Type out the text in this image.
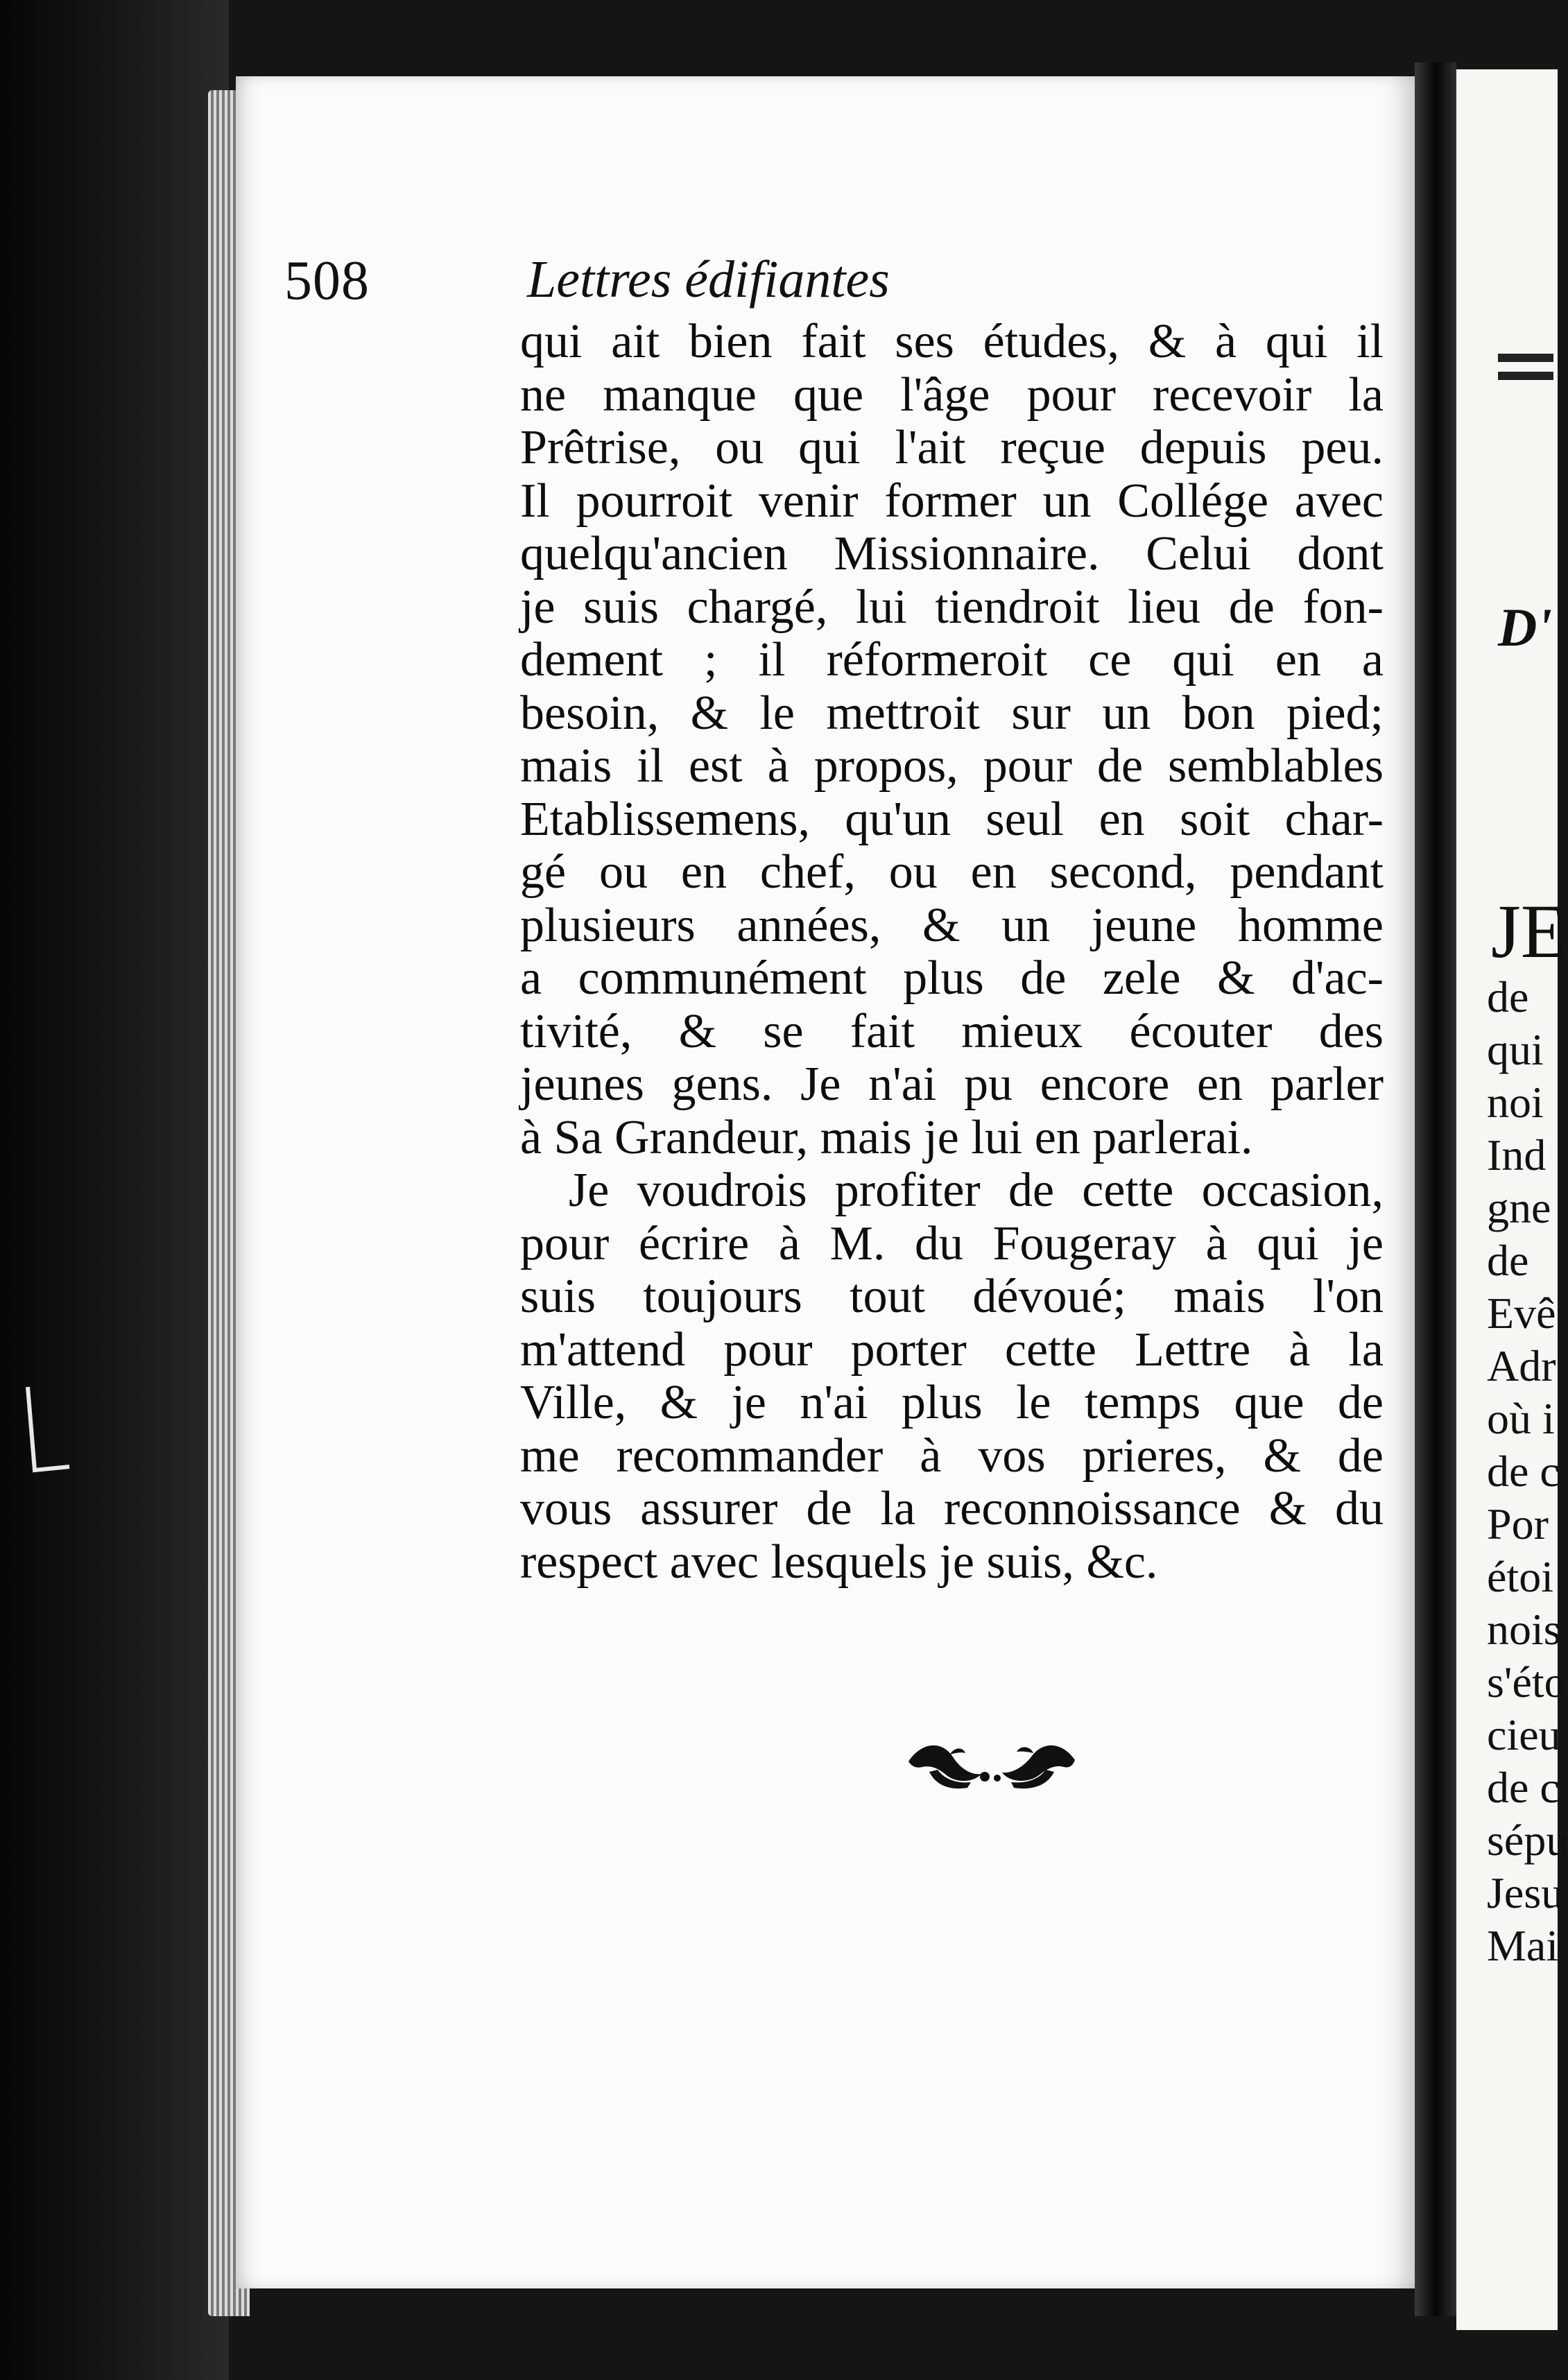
508	Lettres édifiantes
qui ait bien fait ses études, & à qui il
ne manque que l'âge pour recevoir la
Prêtrise, ou qui l'ait reçue depuis peu.
Il pourroit venir former un Collége avec
quelqu'ancien Missionnaire. Celui dont
je suis chargé, lui tiendroit lieu de fon-
dement ; il réformeroit ce qui en a
besoin, & le mettroit sur un bon pied;
mais il est à propos, pour de semblables
Etablissemens, qu'un seul en soit char-
gé ou en chef, ou en second, pendant
plusieurs années, & un jeune homme
a communément plus de zele & d'ac-
tivité, & se fait mieux écouter des
jeunes gens. Je n'ai pu encore en parler
à Sa Grandeur, mais je lui en parlerai.
Je voudrois profiter de cette occasion,
pour écrire à M. du Fougeray à qui je
suis toujours tout dévoué; mais l'on
m'attend pour porter cette Lettre à la
Ville, & je n'ai plus le temps que de
me recommander à vos prieres, & de
vous assurer de la reconnoissance & du
respect avec lesquels je suis, &c.
D'
JE
de
qui
noi
Ind
gne
de
Evê
Adr
où i
de c
Por
étoi
nois
s'éto
cieu
de c
sépu
Jesu
Mai
